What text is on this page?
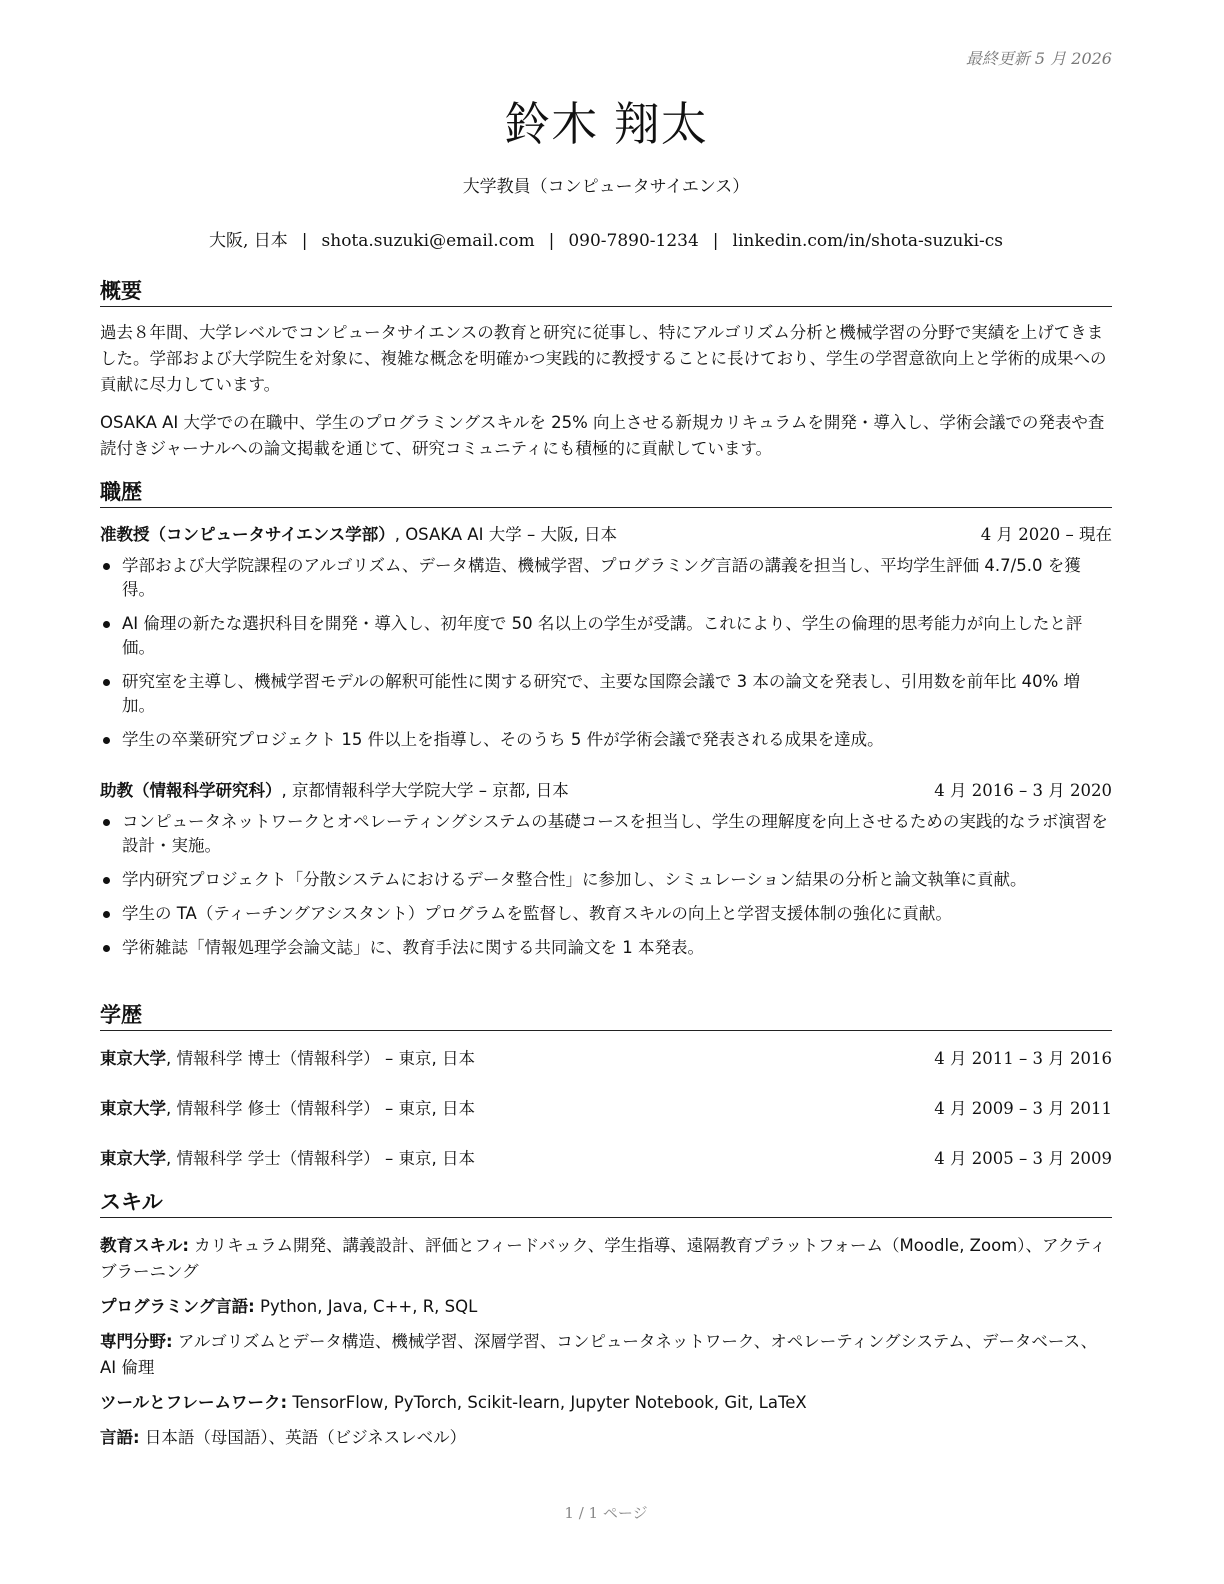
最終更新 5 月 2026
鈴木 翔太
大学教員（コンピュータサイエンス）
大阪, 日本 | shota.suzuki@email.com | 090-7890-1234 | linkedin.com/in/shota-suzuki-cs
概要
過去８年間、大学レベルでコンピュータサイエンスの教育と研究に従事し、特にアルゴリズム分析と機械学習の分野で実績を上げてきました。学部および大学院生を対象に、複雑な概念を明確かつ実践的に教授することに長けており、学生の学習意欲向上と学術的成果への貢献に尽力しています。
OSAKA AI 大学での在職中、学生のプログラミングスキルを 25% 向上させる新規カリキュラムを開発・導入し、学術会議での発表や査読付きジャーナルへの論文掲載を通じて、研究コミュニティにも積極的に貢献しています。
職歴
准教授（コンピュータサイエンス学部）, OSAKA AI 大学 – 大阪, 日本	4 月 2020 – 現在
学部および大学院課程のアルゴリズム、データ構造、機械学習、プログラミング言語の講義を担当し、平均学生評価 4.7/5.0 を獲得。
AI 倫理の新たな選択科目を開発・導入し、初年度で 50 名以上の学生が受講。これにより、学生の倫理的思考能力が向上したと評価。
研究室を主導し、機械学習モデルの解釈可能性に関する研究で、主要な国際会議で 3 本の論文を発表し、引用数を前年比 40% 増加。
学生の卒業研究プロジェクト 15 件以上を指導し、そのうち 5 件が学術会議で発表される成果を達成。
助教（情報科学研究科）, 京都情報科学大学院大学 – 京都, 日本	4 月 2016 – 3 月 2020
コンピュータネットワークとオペレーティングシステムの基礎コースを担当し、学生の理解度を向上させるための実践的なラボ演習を設計・実施。
学内研究プロジェクト「分散システムにおけるデータ整合性」に参加し、シミュレーション結果の分析と論文執筆に貢献。
学生の TA（ティーチングアシスタント）プログラムを監督し、教育スキルの向上と学習支援体制の強化に貢献。
学術雑誌「情報処理学会論文誌」に、教育手法に関する共同論文を 1 本発表。
学歴
東京大学, 情報科学 博士（情報科学） – 東京, 日本	4 月 2011 – 3 月 2016
東京大学, 情報科学 修士（情報科学） – 東京, 日本	4 月 2009 – 3 月 2011
東京大学, 情報科学 学士（情報科学） – 東京, 日本	4 月 2005 – 3 月 2009
スキル
教育スキル: カリキュラム開発、講義設計、評価とフィードバック、学生指導、遠隔教育プラットフォーム（Moodle, Zoom）、アクティブラーニング
プログラミング言語: Python, Java, C++, R, SQL
専門分野: アルゴリズムとデータ構造、機械学習、深層学習、コンピュータネットワーク、オペレーティングシステム、データベース、AI 倫理
ツールとフレームワーク: TensorFlow, PyTorch, Scikit-learn, Jupyter Notebook, Git, LaTeX
言語: 日本語（母国語）、英語（ビジネスレベル）
1 / 1 ページ
